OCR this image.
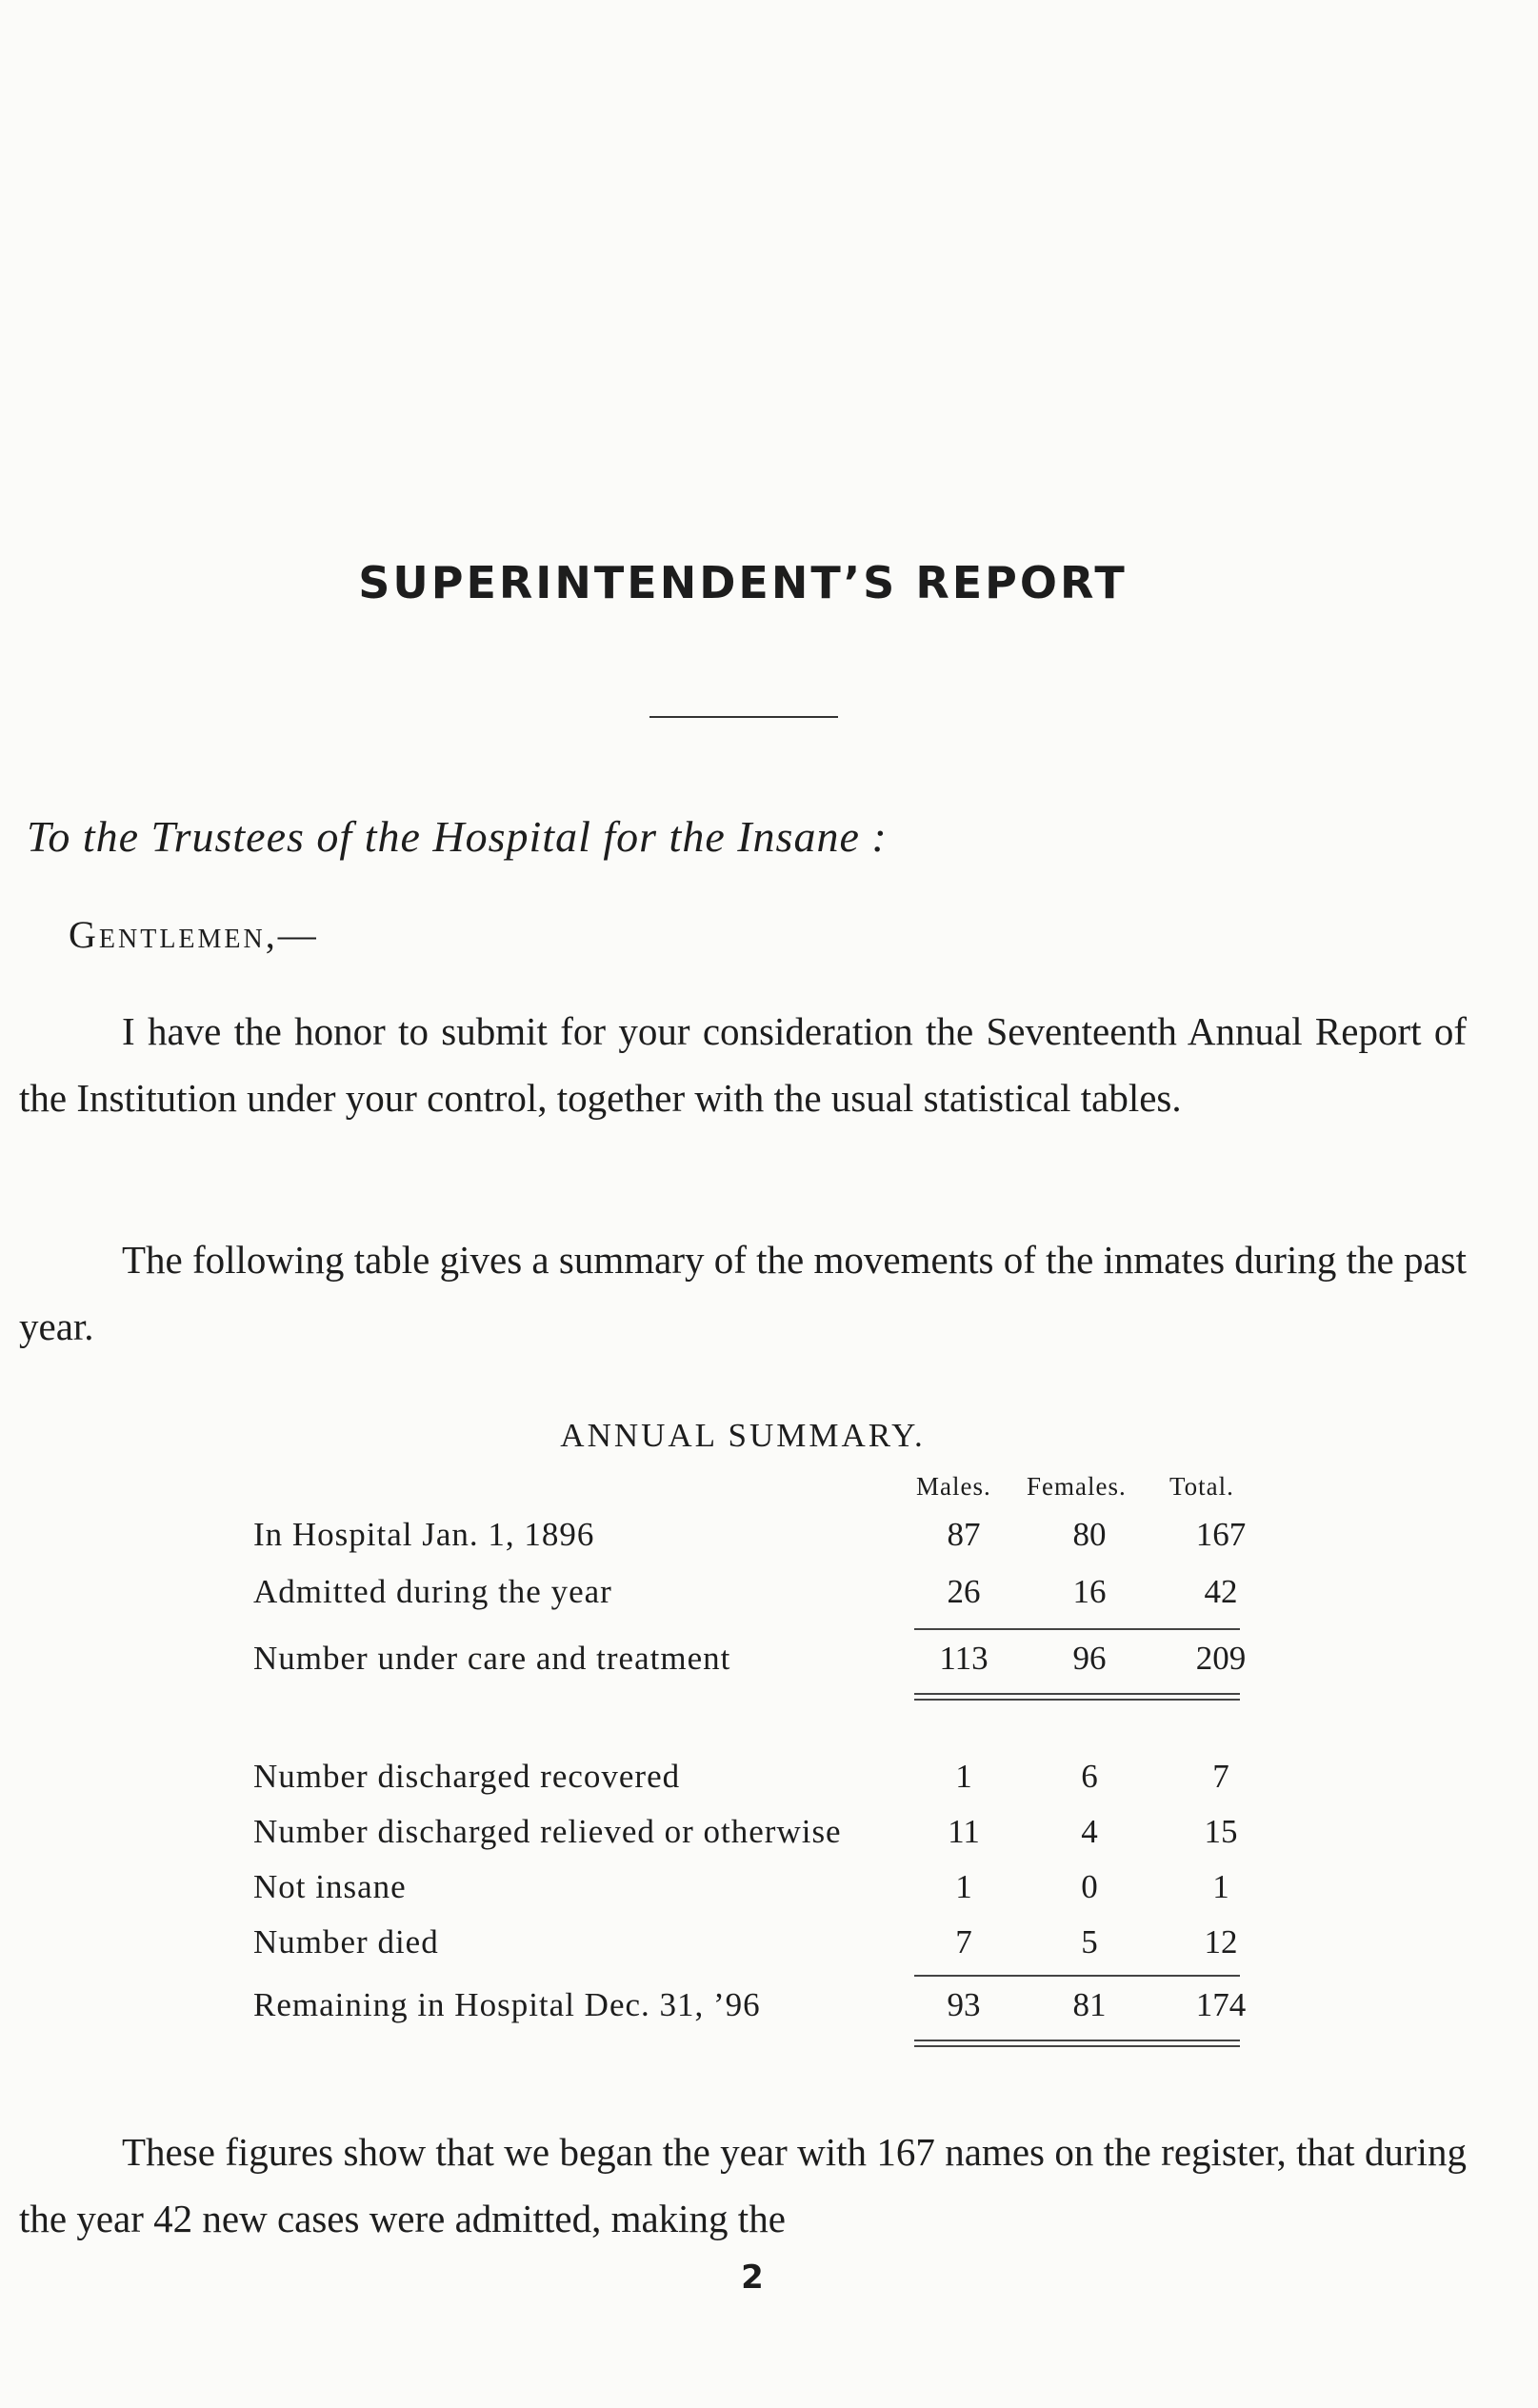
SUPERINTENDENT’S REPORT
To the Trustees of the Hospital for the Insane :
Gentlemen,—

I have the honor to submit for your consideration the Seventeenth Annual Report of the Institution under your control, together with the usual statistical tables.

The following table gives a summary of the movements of the inmates during the past year.

ANNUAL SUMMARY.
Males. Females. Total.
In Hospital Jan. 1, 1896	87	80	167
Admitted during the year	26	16	42
Number under care and treatment	113	96	209
Number discharged recovered	1	6	7
Number discharged relieved or otherwise	11	4	15
Not insane	1	0	1
Number died	7	5	12
Remaining in Hospital Dec. 31, ’96	93	81	174

These figures show that we began the year with 167 names on the register, that during the year 42 new cases were admitted, making the

2
